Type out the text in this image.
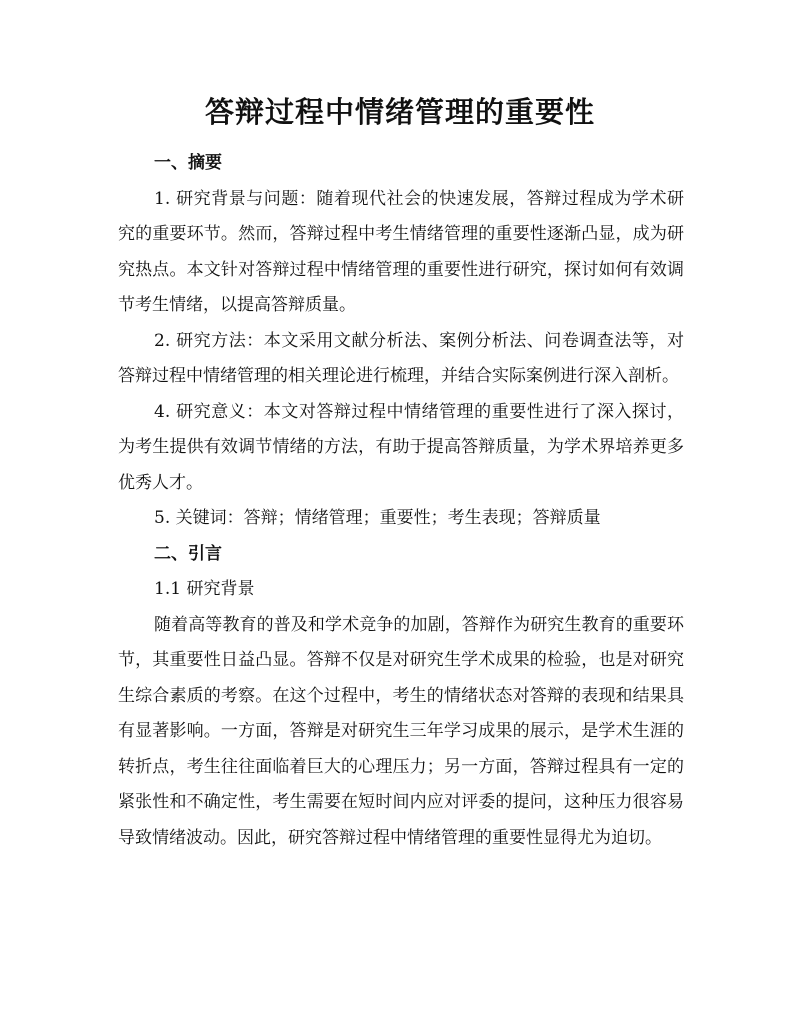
答辩过程中情绪管理的重要性

一、摘要

1. 研究背景与问题：随着现代社会的快速发展，答辩过程成为学术研究的重要环节。然而，答辩过程中考生情绪管理的重要性逐渐凸显，成为研究热点。本文针对答辩过程中情绪管理的重要性进行研究，探讨如何有效调节考生情绪，以提高答辩质量。

2. 研究方法：本文采用文献分析法、案例分析法、问卷调查法等，对答辩过程中情绪管理的相关理论进行梳理，并结合实际案例进行深入剖析。

4. 研究意义：本文对答辩过程中情绪管理的重要性进行了深入探讨，为考生提供有效调节情绪的方法，有助于提高答辩质量，为学术界培养更多优秀人才。

5. 关键词：答辩；情绪管理；重要性；考生表现；答辩质量

二、引言

1.1 研究背景

随着高等教育的普及和学术竞争的加剧，答辩作为研究生教育的重要环节，其重要性日益凸显。答辩不仅是对研究生学术成果的检验，也是对研究生综合素质的考察。在这个过程中，考生的情绪状态对答辩的表现和结果具有显著影响。一方面，答辩是对研究生三年学习成果的展示，是学术生涯的转折点，考生往往面临着巨大的心理压力；另一方面，答辩过程具有一定的紧张性和不确定性，考生需要在短时间内应对评委的提问，这种压力很容易导致情绪波动。因此，研究答辩过程中情绪管理的重要性显得尤为迫切。
